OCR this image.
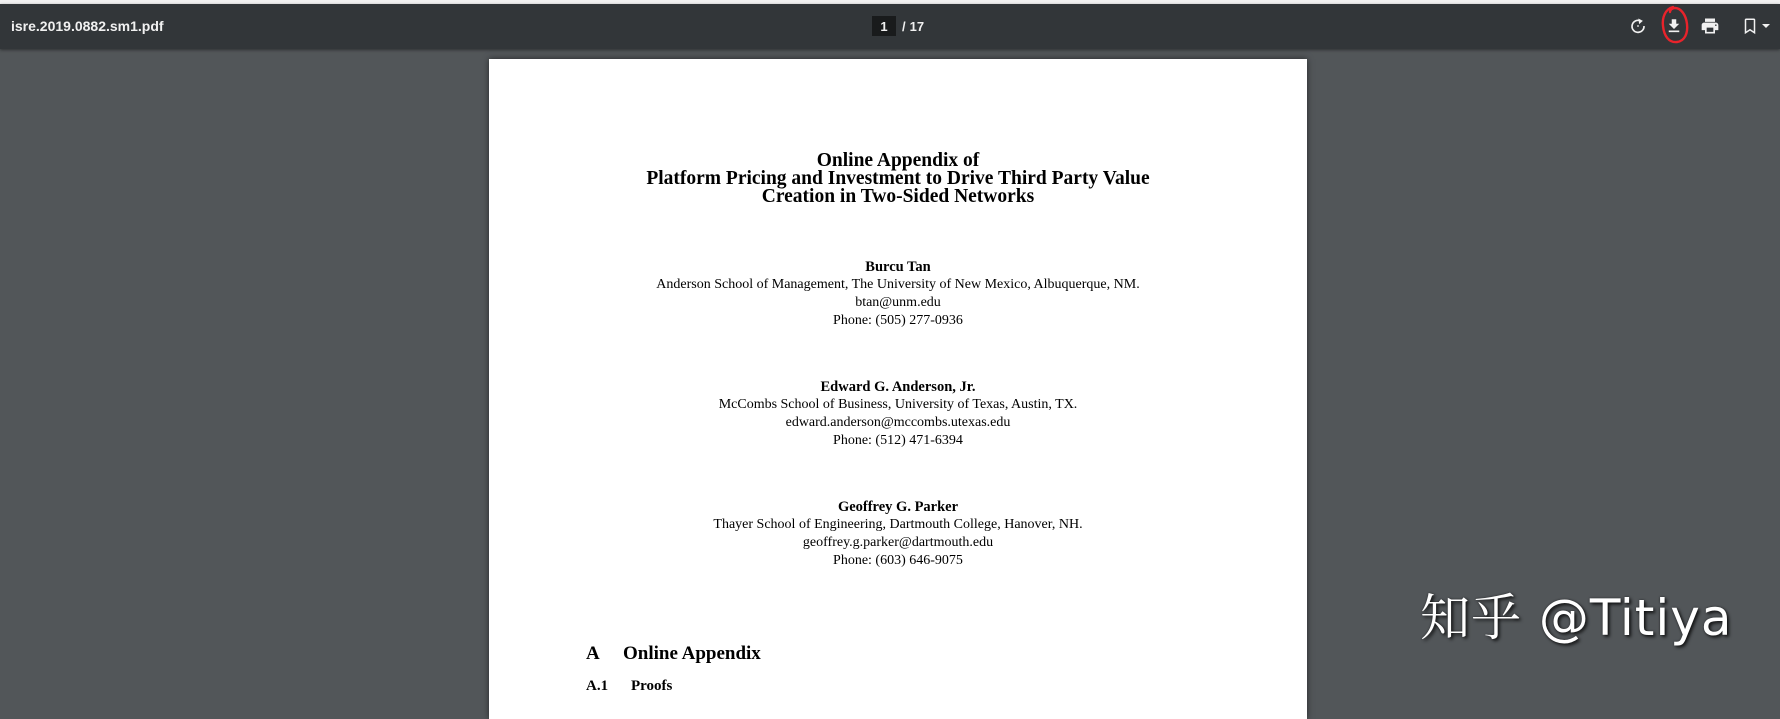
isre.2019.0882.sm1.pdf
1	/ 17
Online Appendix of
Platform Pricing and Investment to Drive Third Party Value
Creation in Two-Sided Networks
Burcu Tan
Anderson School of Management, The University of New Mexico, Albuquerque, NM.
btan@unm.edu
Phone: (505) 277-0936
Edward G. Anderson, Jr.
McCombs School of Business, University of Texas, Austin, TX.
edward.anderson@mccombs.utexas.edu
Phone: (512) 471-6394
Geoffrey G. Parker
Thayer School of Engineering, Dartmouth College, Hanover, NH.
geoffrey.g.parker@dartmouth.edu
Phone: (603) 646-9075
A Online Appendix
A.1 Proofs
知乎 @Titiya
